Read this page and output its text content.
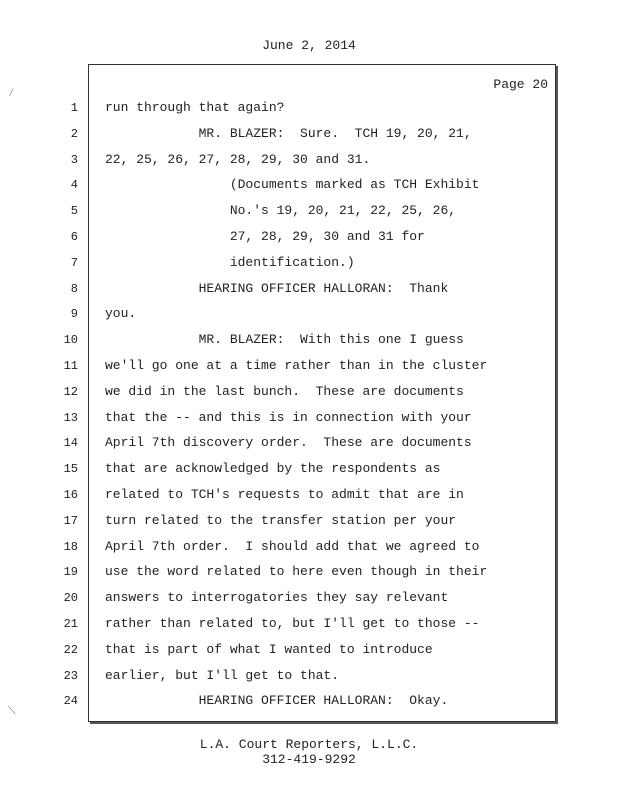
June 2, 2014
Page 20
1 run through that again?
2 MR. BLAZER:  Sure.  TCH 19, 20, 21,
3 22, 25, 26, 27, 28, 29, 30 and 31.
4 (Documents marked as TCH Exhibit
5 No.'s 19, 20, 21, 22, 25, 26,
6 27, 28, 29, 30 and 31 for
7 identification.)
8 HEARING OFFICER HALLORAN:  Thank
9 you.
10 MR. BLAZER:  With this one I guess
11 we'll go one at a time rather than in the cluster
12 we did in the last bunch.  These are documents
13 that the -- and this is in connection with your
14 April 7th discovery order.  These are documents
15 that are acknowledged by the respondents as
16 related to TCH's requests to admit that are in
17 turn related to the transfer station per your
18 April 7th order.  I should add that we agreed to
19 use the word related to here even though in their
20 answers to interrogatories they say relevant
21 rather than related to, but I'll get to those --
22 that is part of what I wanted to introduce
23 earlier, but I'll get to that.
24 HEARING OFFICER HALLORAN:  Okay.
L.A. Court Reporters, L.L.C.
312-419-9292
⁄
⟍
